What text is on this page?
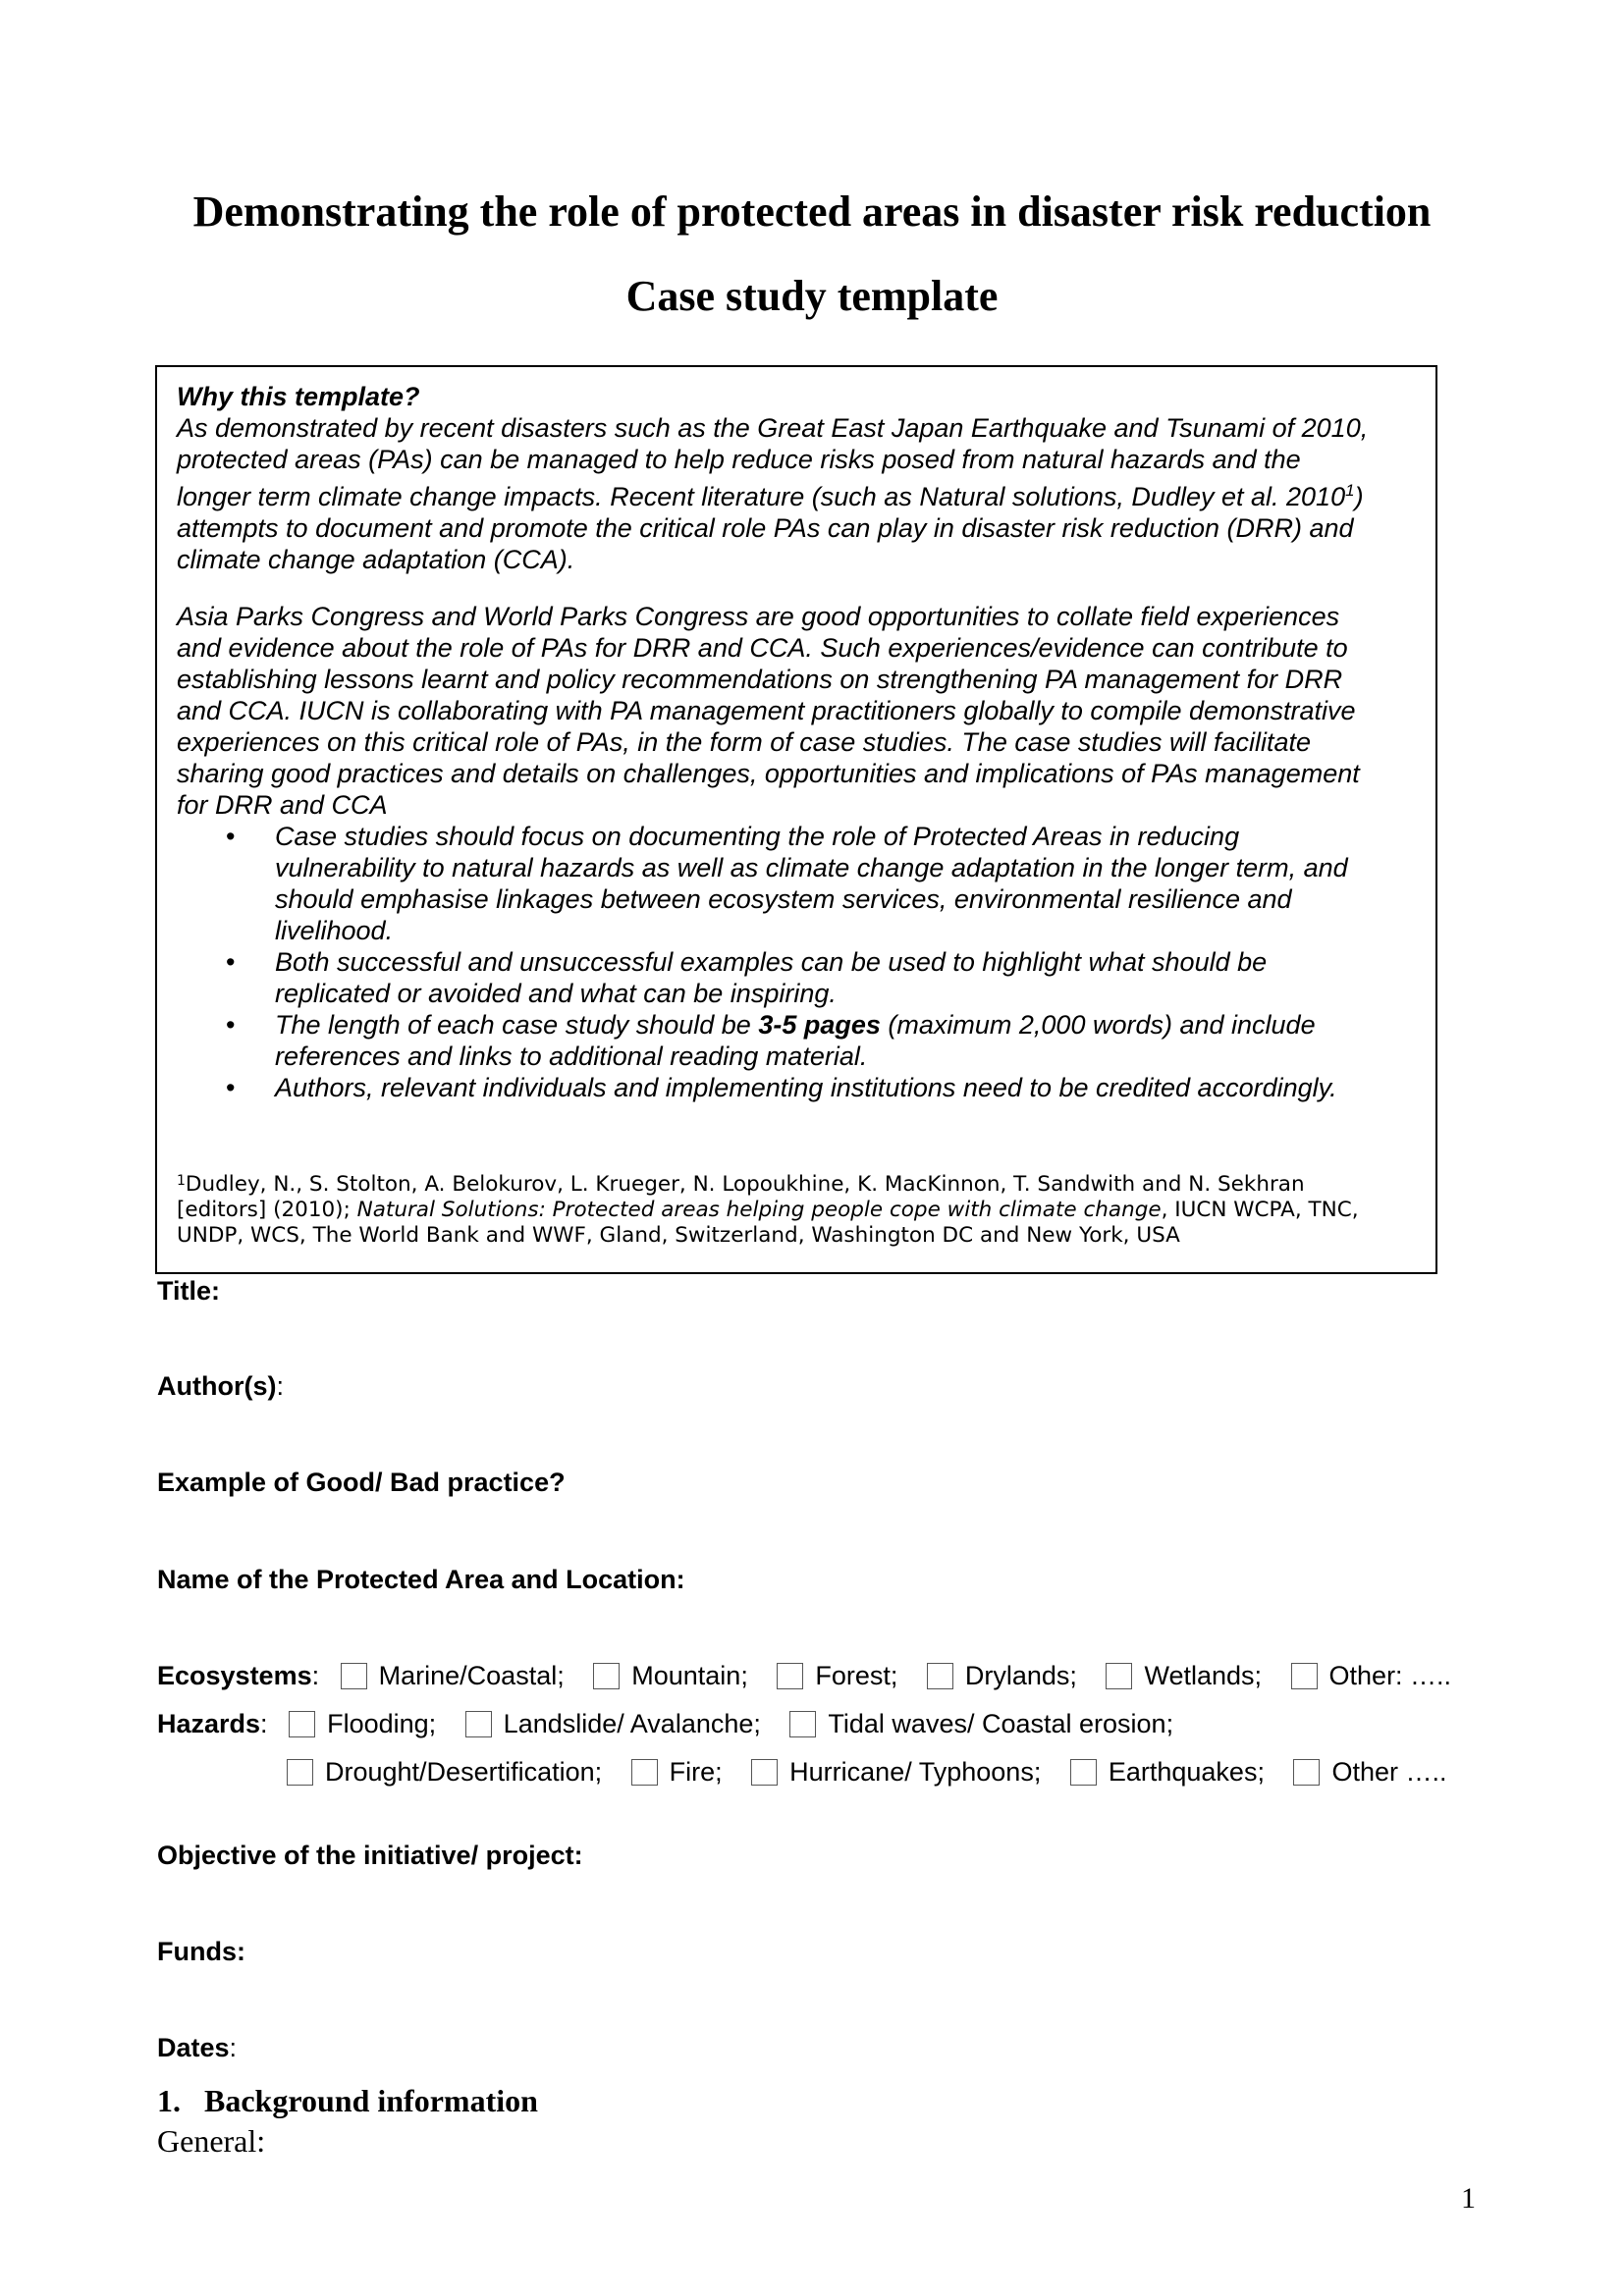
Demonstrating the role of protected areas in disaster risk reduction
Case study template
Why this template?
As demonstrated by recent disasters such as the Great East Japan Earthquake and Tsunami of 2010,
protected areas (PAs) can be managed to help reduce risks posed from natural hazards and the
longer term climate change impacts. Recent literature (such as Natural solutions, Dudley et al. 2010$^1$)
attempts to document and promote the critical role PAs can play in disaster risk reduction (DRR) and
climate change adaptation (CCA).
Asia Parks Congress and World Parks Congress are good opportunities to collate field experiences
and evidence about the role of PAs for DRR and CCA. Such experiences/evidence can contribute to
establishing lessons learnt and policy recommendations on strengthening PA management for DRR
and CCA. IUCN is collaborating with PA management practitioners globally to compile demonstrative
experiences on this critical role of PAs, in the form of case studies. The case studies will facilitate
sharing good practices and details on challenges, opportunities and implications of PAs management
for DRR and CCA
• Case studies should focus on documenting the role of Protected Areas in reducing
vulnerability to natural hazards as well as climate change adaptation in the longer term, and
should emphasise linkages between ecosystem services, environmental resilience and
livelihood.
• Both successful and unsuccessful examples can be used to highlight what should be
replicated or avoided and what can be inspiring.
• The length of each case study should be 3-5 pages (maximum 2,000 words) and include
references and links to additional reading material.
• Authors, relevant individuals and implementing institutions need to be credited accordingly.
$^1$Dudley, N., S. Stolton, A. Belokurov, L. Krueger, N. Lopoukhine, K. MacKinnon, T. Sandwith and N. Sekhran
[editors] (2010); Natural Solutions: Protected areas helping people cope with climate change, IUCN WCPA, TNC,
UNDP, WCS, The World Bank and WWF, Gland, Switzerland, Washington DC and New York, USA
Title:
Author(s):
Example of Good/ Bad practice?
Name of the Protected Area and Location:
Ecosystems: Marine/Coastal;	Mountain;	Forest;	Drylands;	Wetlands;	Other: …..
Hazards: Flooding;	Landslide/ Avalanche;	Tidal waves/ Coastal erosion;
Drought/Desertification;	Fire;	Hurricane/ Typhoons;	Earthquakes;	Other …..
Objective of the initiative/ project:
Funds:
Dates:
1.   Background information
General:
1
